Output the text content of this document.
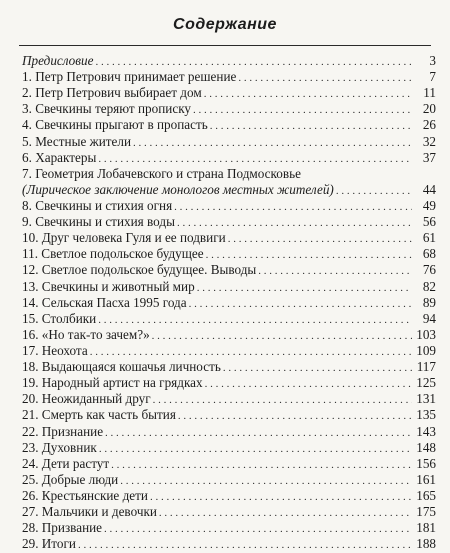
Содержание
Предисловие . . .	3
1. Петр Петрович принимает решение . . .	7
2. Петр Петрович выбирает дом . . .	11
3. Свечкины теряют прописку . . .	20
4. Свечкины прыгают в пропасть . . .	26
5. Местные жители . . .	32
6. Характеры . . .	37
7. Геометрия Лобачевского и страна Подмосковье
(Лирическое заключение монологов местных жителей) . . .	44
8. Свечкины и стихия огня . . .	49
9. Свечкины и стихия воды . . .	56
10. Друг человека Гуля и ее подвиги . . .	61
11. Светлое подольское будущее . . .	68
12. Светлое подольское будущее. Выводы . . .	76
13. Свечкины и животный мир . . .	82
14. Сельская Пасха 1995 года . . .	89
15. Столбики . . .	94
16. «Но так-то зачем?» . . .	103
17. Неохота . . .	109
18. Выдающаяся кошачья личность . . .	117
19. Народный артист на грядках . . .	125
20. Неожиданный друг . . .	131
21. Смерть как часть бытия . . .	135
22. Признание . . .	143
23. Духовник . . .	148
24. Дети растут . . .	156
25. Добрые люди . . .	161
26. Крестьянские дети . . .	165
27. Мальчики и девочки . . .	175
28. Призвание . . .	181
29. Итоги . . .	188
